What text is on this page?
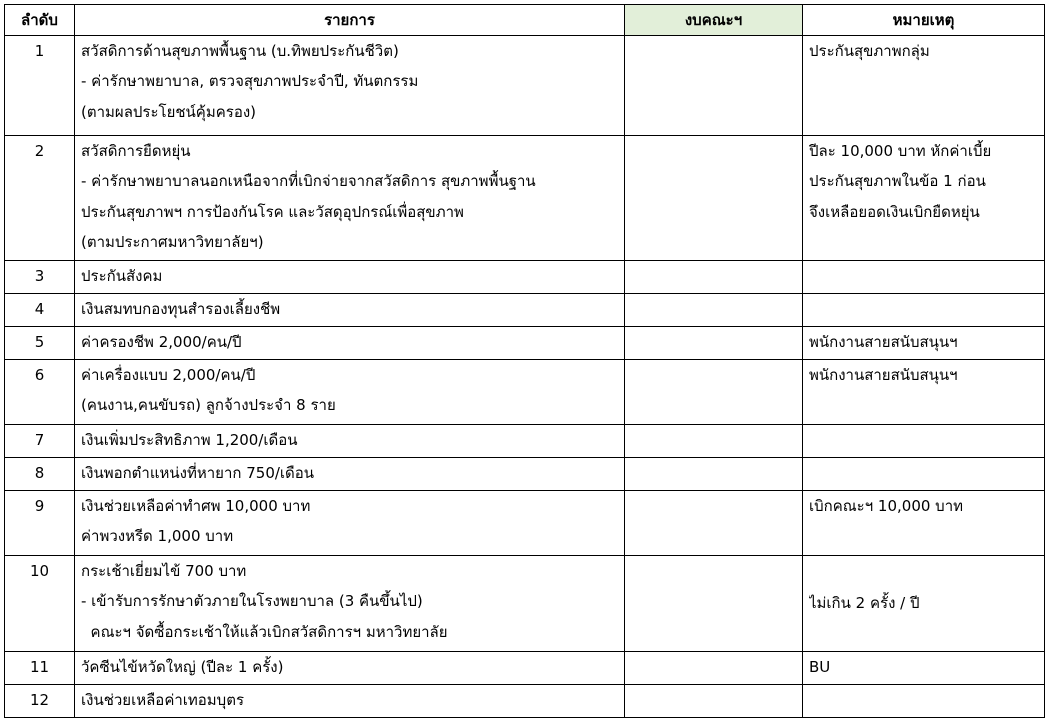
ลำดับ	รายการ	งบคณะฯ	หมายเหตุ

1	สวัสดิการด้านสุขภาพพื้นฐาน (บ.ทิพยประกันชีวิต)
- ค่ารักษาพยาบาล, ตรวจสุขภาพประจำปี, ทันตกรรม
(ตามผลประโยชน์คุ้มครอง)		ประกันสุขภาพกลุ่ม

2	สวัสดิการยืดหยุ่น
- ค่ารักษาพยาบาลนอกเหนือจากที่เบิกจ่ายจากสวัสดิการ สุขภาพพื้นฐาน
ประกันสุขภาพฯ การป้องกันโรค และวัสดุอุปกรณ์เพื่อสุขภาพ
(ตามประกาศมหาวิทยาลัยฯ)		ปีละ 10,000 บาท หักค่าเบี้ย
ประกันสุขภาพในข้อ 1 ก่อน
จึงเหลือยอดเงินเบิกยืดหยุ่น

3	ประกันสังคม		

4	เงินสมทบกองทุนสำรองเลี้ยงชีพ		

5	ค่าครองชีพ 2,000/คน/ปี		พนักงานสายสนับสนุนฯ

6	ค่าเครื่องแบบ 2,000/คน/ปี
(คนงาน,คนขับรถ) ลูกจ้างประจำ 8 ราย		พนักงานสายสนับสนุนฯ

7	เงินเพิ่มประสิทธิภาพ 1,200/เดือน		

8	เงินพอกตำแหน่งที่หายาก 750/เดือน		

9	เงินช่วยเหลือค่าทำศพ 10,000 บาท
ค่าพวงหรีด 1,000 บาท		เบิกคณะฯ 10,000 บาท

10	กระเช้าเยี่ยมไข้ 700 บาท
- เข้ารับการรักษาตัวภายในโรงพยาบาล (3 คืนขึ้นไป)
คณะฯ จัดซื้อกระเช้าให้แล้วเบิกสวัสดิการฯ มหาวิทยาลัย		ไม่เกิน 2 ครั้ง / ปี

11	วัคซีนไข้หวัดใหญ่ (ปีละ 1 ครั้ง)		BU

12	เงินช่วยเหลือค่าเทอมบุตร		
